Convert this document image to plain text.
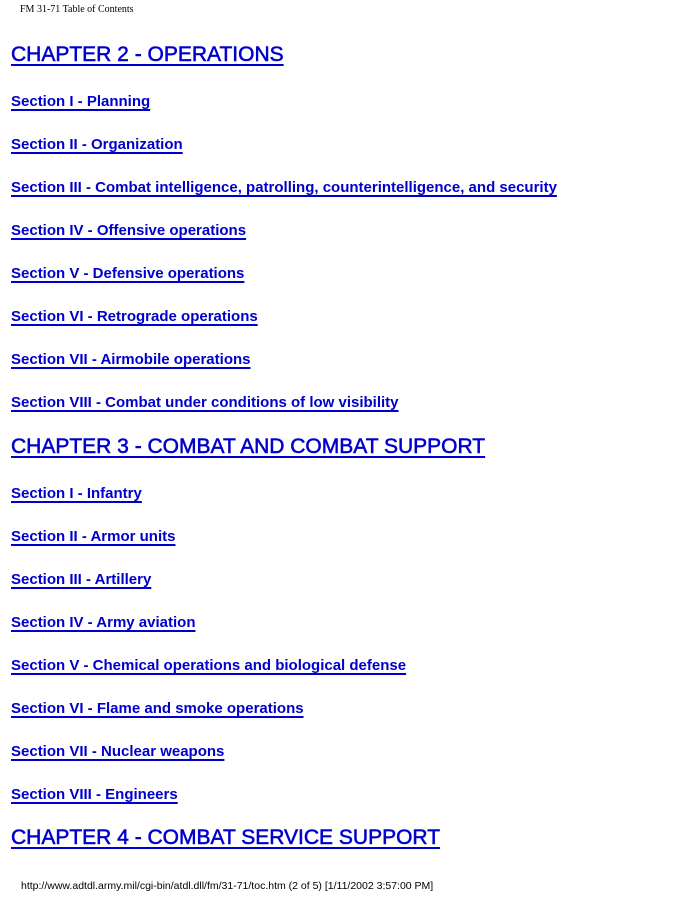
FM 31-71 Table of Contents
CHAPTER 2 - OPERATIONS
Section I - Planning
Section II - Organization
Section III - Combat intelligence, patrolling, counterintelligence, and security
Section IV - Offensive operations
Section V - Defensive operations
Section VI - Retrograde operations
Section VII - Airmobile operations
Section VIII - Combat under conditions of low visibility
CHAPTER 3 - COMBAT AND COMBAT SUPPORT
Section I - Infantry
Section II - Armor units
Section III - Artillery
Section IV - Army aviation
Section V - Chemical operations and biological defense
Section VI - Flame and smoke operations
Section VII - Nuclear weapons
Section VIII - Engineers
CHAPTER 4 - COMBAT SERVICE SUPPORT
http://www.adtdl.army.mil/cgi-bin/atdl.dll/fm/31-71/toc.htm (2 of 5) [1/11/2002 3:57:00 PM]
